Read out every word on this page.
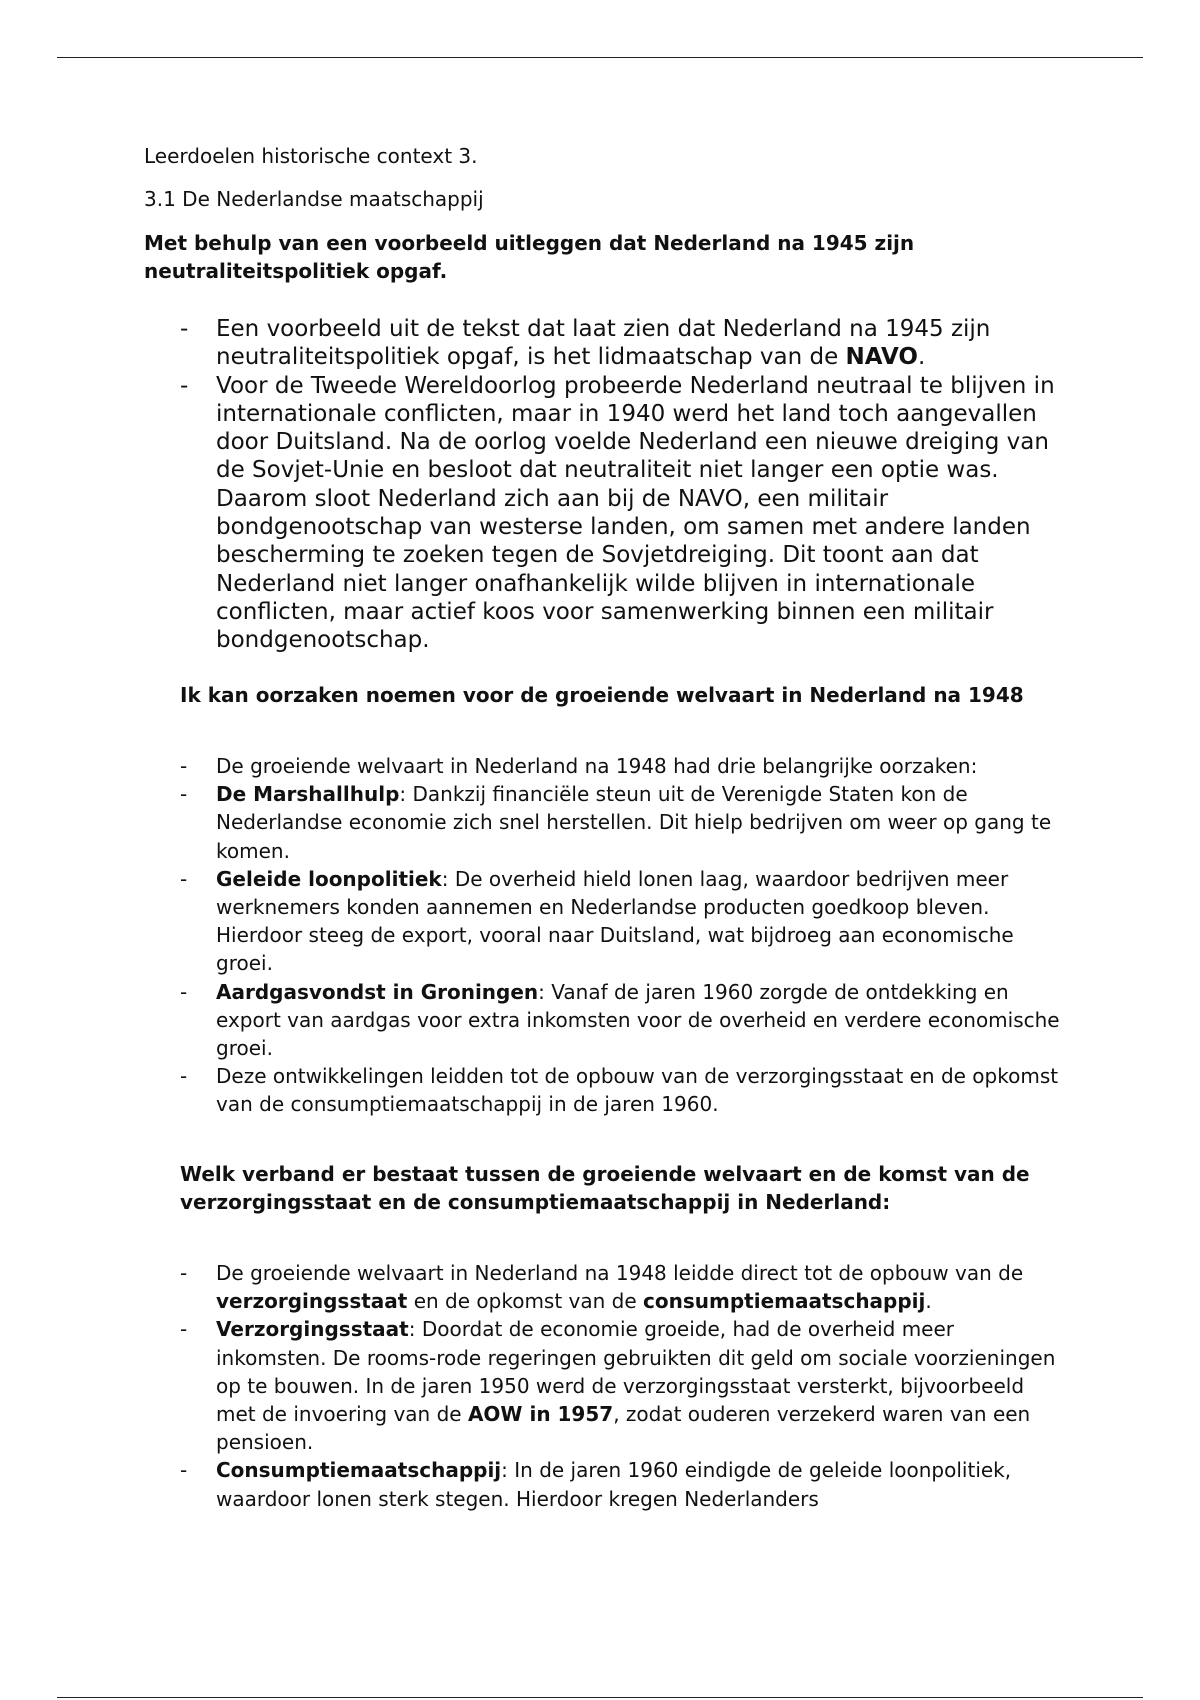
Leerdoelen historische context 3.

3.1 De Nederlandse maatschappij

Met behulp van een voorbeeld uitleggen dat Nederland na 1945 zijn neutraliteitspolitiek opgaf.

- Een voorbeeld uit de tekst dat laat zien dat Nederland na 1945 zijn neutraliteitspolitiek opgaf, is het lidmaatschap van de NAVO.
- Voor de Tweede Wereldoorlog probeerde Nederland neutraal te blijven in internationale conflicten, maar in 1940 werd het land toch aangevallen door Duitsland. Na de oorlog voelde Nederland een nieuwe dreiging van de Sovjet-Unie en besloot dat neutraliteit niet langer een optie was. Daarom sloot Nederland zich aan bij de NAVO, een militair bondgenootschap van westerse landen, om samen met andere landen bescherming te zoeken tegen de Sovjetdreiging. Dit toont aan dat Nederland niet langer onafhankelijk wilde blijven in internationale conflicten, maar actief koos voor samenwerking binnen een militair bondgenootschap.

Ik kan oorzaken noemen voor de groeiende welvaart in Nederland na 1948

- De groeiende welvaart in Nederland na 1948 had drie belangrijke oorzaken:
- De Marshallhulp: Dankzij financiële steun uit de Verenigde Staten kon de Nederlandse economie zich snel herstellen. Dit hielp bedrijven om weer op gang te komen.
- Geleide loonpolitiek: De overheid hield lonen laag, waardoor bedrijven meer werknemers konden aannemen en Nederlandse producten goedkoop bleven. Hierdoor steeg de export, vooral naar Duitsland, wat bijdroeg aan economische groei.
- Aardgasvondst in Groningen: Vanaf de jaren 1960 zorgde de ontdekking en export van aardgas voor extra inkomsten voor de overheid en verdere economische groei.
- Deze ontwikkelingen leidden tot de opbouw van de verzorgingsstaat en de opkomst van de consumptiemaatschappij in de jaren 1960.

Welk verband er bestaat tussen de groeiende welvaart en de komst van de verzorgingsstaat en de consumptiemaatschappij in Nederland:

- De groeiende welvaart in Nederland na 1948 leidde direct tot de opbouw van de verzorgingsstaat en de opkomst van de consumptiemaatschappij.
- Verzorgingsstaat: Doordat de economie groeide, had de overheid meer inkomsten. De rooms-rode regeringen gebruikten dit geld om sociale voorzieningen op te bouwen. In de jaren 1950 werd de verzorgingsstaat versterkt, bijvoorbeeld met de invoering van de AOW in 1957, zodat ouderen verzekerd waren van een pensioen.
- Consumptiemaatschappij: In de jaren 1960 eindigde de geleide loonpolitiek, waardoor lonen sterk stegen. Hierdoor kregen Nederlanders
